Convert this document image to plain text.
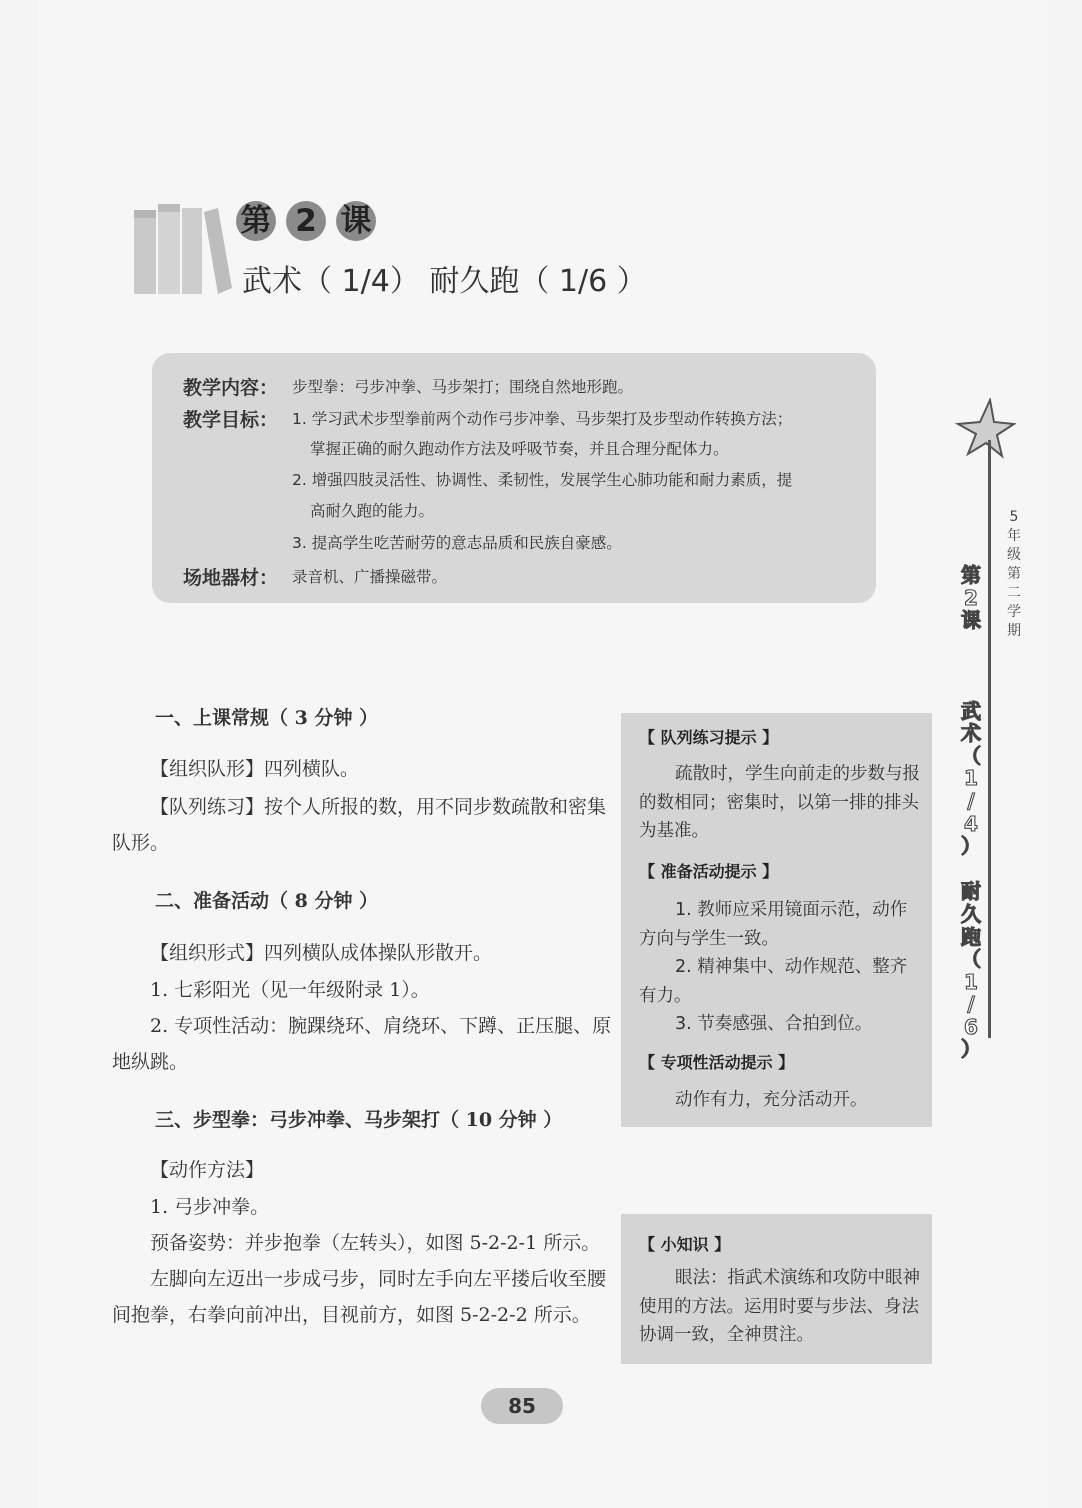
第 2 课
武术（ 1/4） 耐久跑（ 1/6 ）
教学内容： 步型拳：弓步冲拳、马步架打；围绕自然地形跑。
教学目标： 1. 学习武术步型拳前两个动作弓步冲拳、马步架打及步型动作转换方法；
掌握正确的耐久跑动作方法及呼吸节奏，并且合理分配体力。
2. 增强四肢灵活性、协调性、柔韧性，发展学生心肺功能和耐力素质，提
高耐久跑的能力。
3. 提高学生吃苦耐劳的意志品质和民族自豪感。
场地器材： 录音机、广播操磁带。
5
年
级
第
二
学
期
第
2
课

武
术
（
1
/
4
）

耐
久
跑
（
1
/
6
）
一、上课常规（ 3 分钟 ）

【组织队形】四列横队。

【队列练习】按个人所报的数，用不同步数疏散和密集队形。

二、准备活动（ 8 分钟 ）

【组织形式】四列横队成体操队形散开。

1. 七彩阳光（见一年级附录 1）。

2. 专项性活动：腕踝绕环、肩绕环、下蹲、正压腿、原地纵跳。

三、步型拳：弓步冲拳、马步架打（ 10 分钟 ）

【动作方法】

1. 弓步冲拳。

预备姿势：并步抱拳（左转头），如图 5-2-2-1 所示。

左脚向左迈出一步成弓步，同时左手向左平搂后收至腰间抱拳，右拳向前冲出，目视前方，如图 5-2-2-2 所示。

【 队列练习提示 】

疏散时，学生向前走的步数与报的数相同；密集时，以第一排的排头为基准。

【 准备活动提示 】

1. 教师应采用镜面示范，动作方向与学生一致。

2. 精神集中、动作规范、整齐有力。

3. 节奏感强、合拍到位。

【 专项性活动提示 】

动作有力，充分活动开。

【 小知识 】

眼法：指武术演练和攻防中眼神使用的方法。运用时要与步法、身法协调一致，全神贯注。

85
